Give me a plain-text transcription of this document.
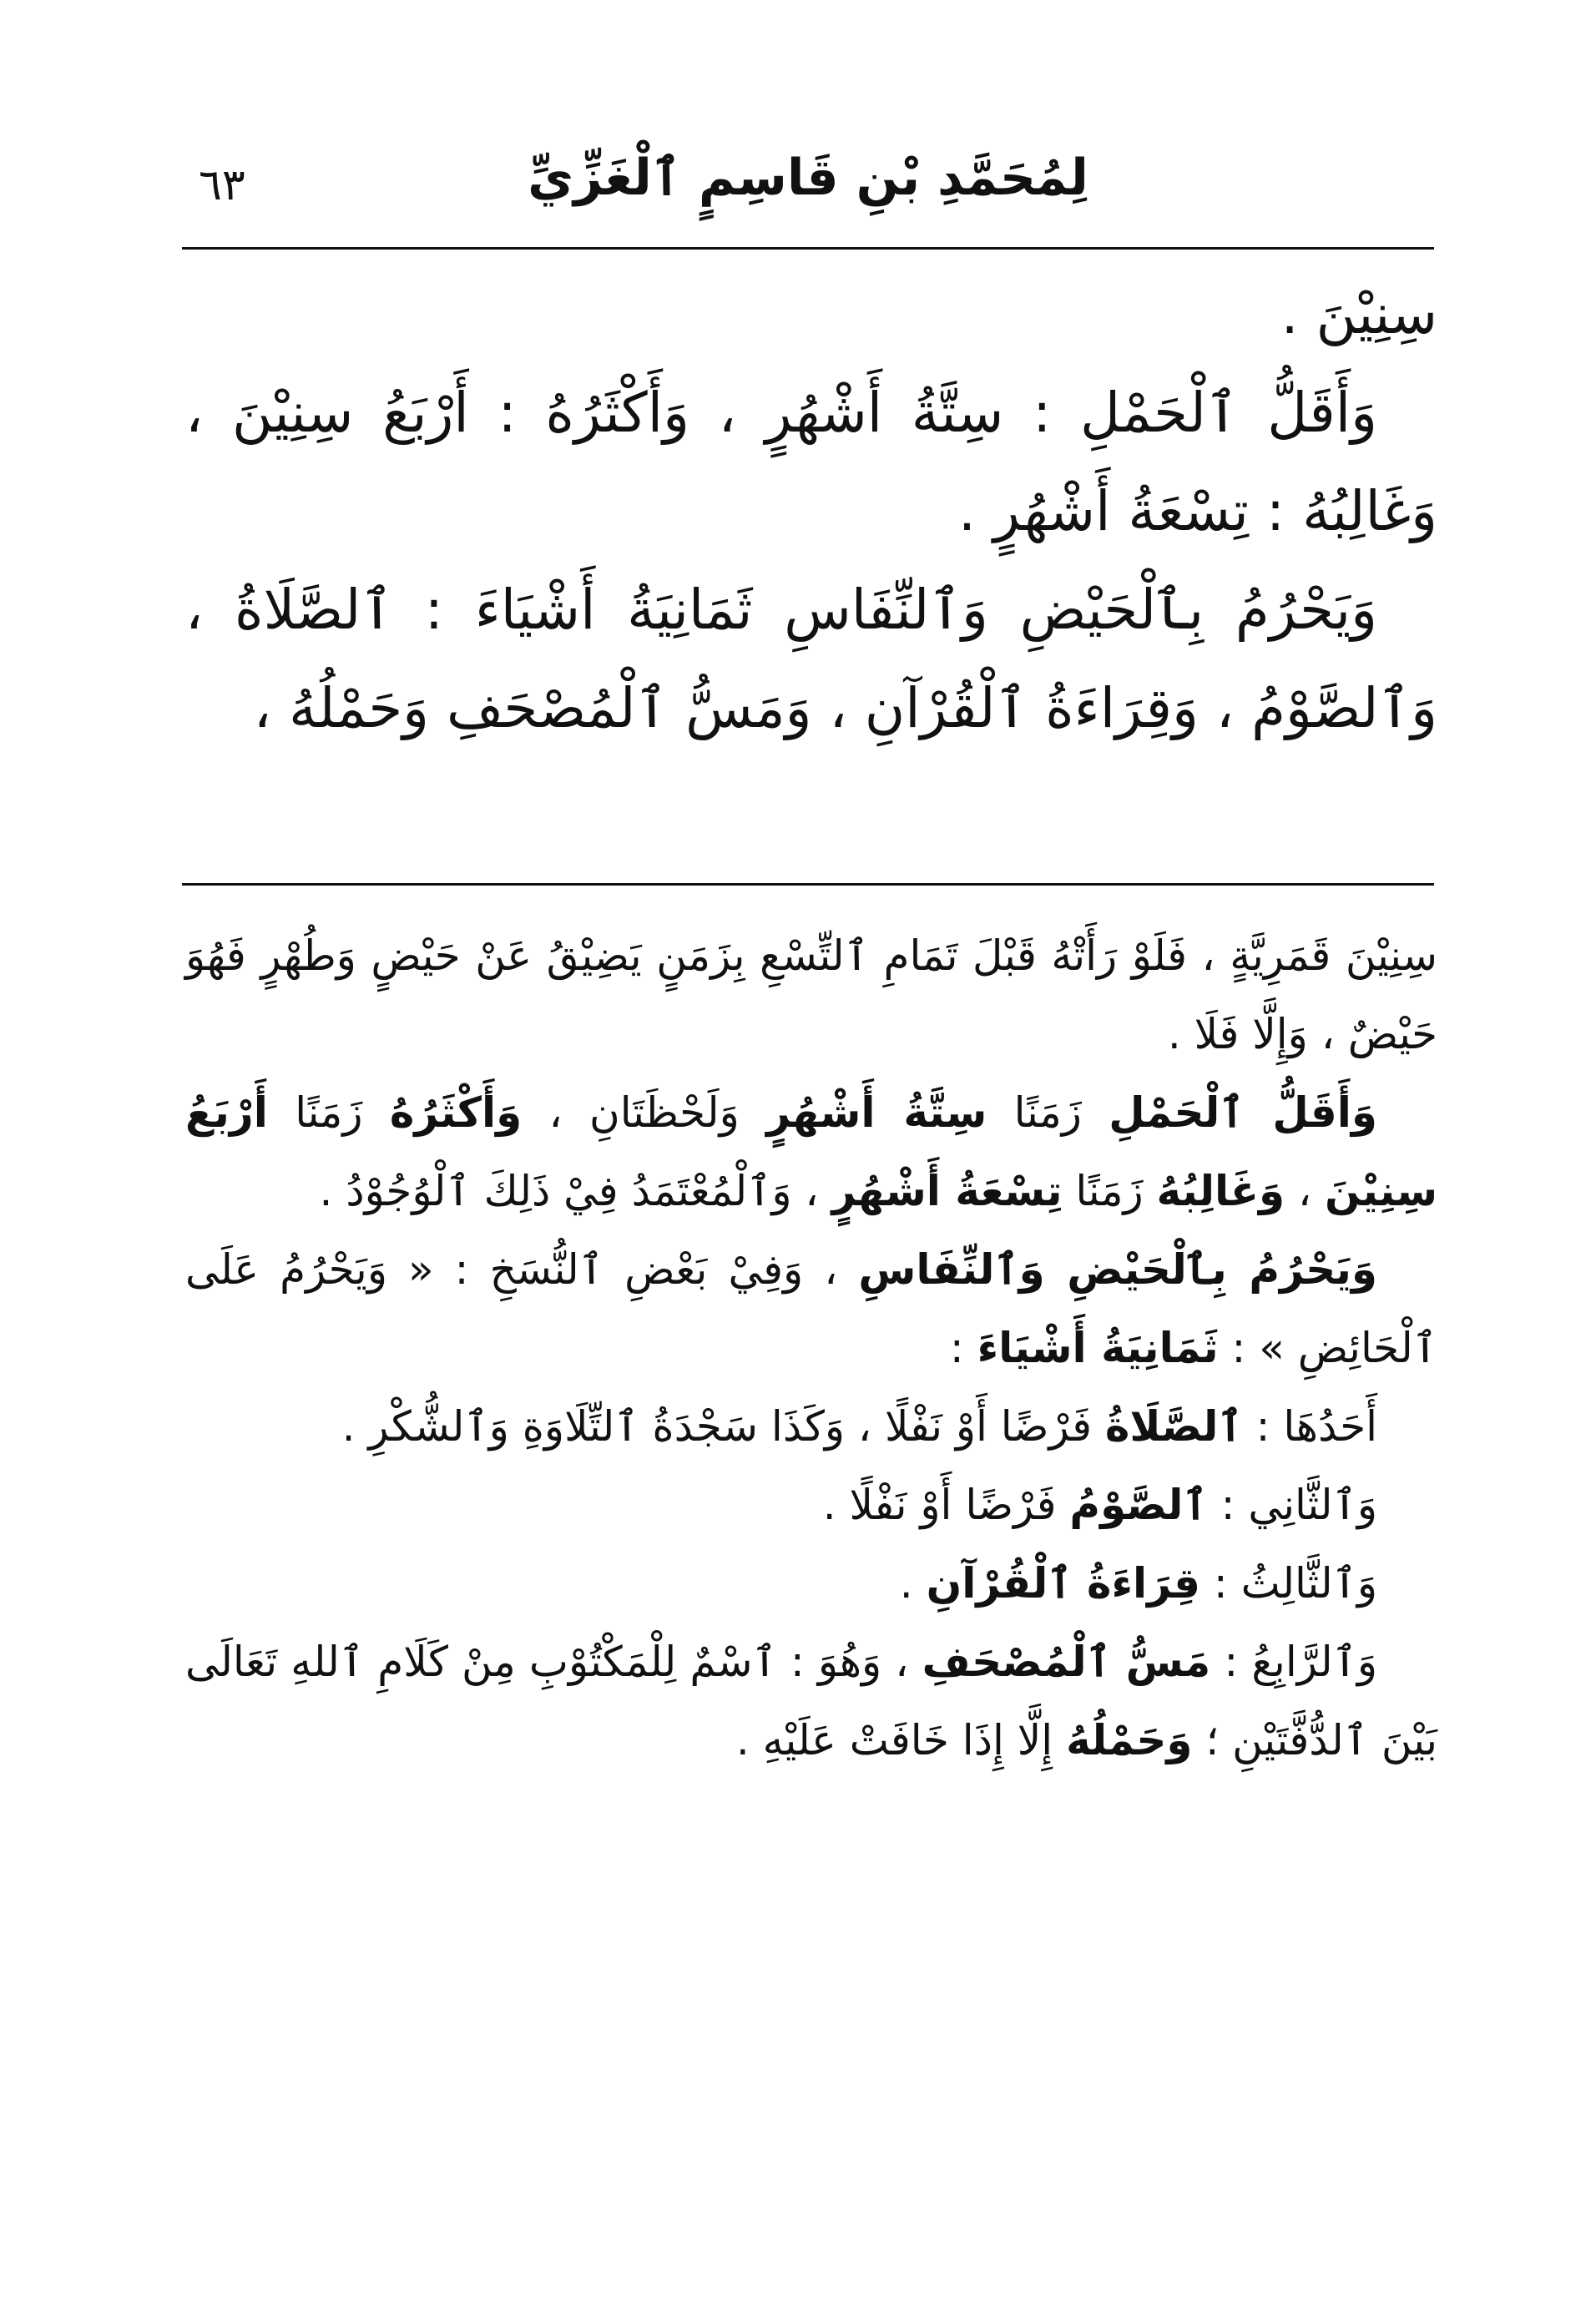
٦٣	لِمُحَمَّدِ بْنِ قَاسِمٍ ٱلْغَزِّيِّ

سِنِيْنَ .

وَأَقَلُّ ٱلْحَمْلِ : سِتَّةُ أَشْهُرٍ ، وَأَكْثَرُهُ : أَرْبَعُ سِنِيْنَ ، وَغَالِبُهُ : تِسْعَةُ أَشْهُرٍ .

وَيَحْرُمُ بِٱلْحَيْضِ وَٱلنِّفَاسِ ثَمَانِيَةُ أَشْيَاءَ : ٱلصَّلَاةُ ، وَٱلصَّوْمُ ، وَقِرَاءَةُ ٱلْقُرْآنِ ، وَمَسُّ ٱلْمُصْحَفِ وَحَمْلُهُ ،

سِنِيْنَ قَمَرِيَّةٍ ، فَلَوْ رَأَتْهُ قَبْلَ تَمَامِ ٱلتِّسْعِ بِزَمَنٍ يَضِيْقُ عَنْ حَيْضٍ وَطُهْرٍ فَهُوَ حَيْضٌ ، وَإِلَّا فَلَا .

وَأَقَلُّ ٱلْحَمْلِ زَمَنًا سِتَّةُ أَشْهُرٍ وَلَحْظَتَانِ ، وَأَكْثَرُهُ زَمَنًا أَرْبَعُ سِنِيْنَ ، وَغَالِبُهُ زَمَنًا تِسْعَةُ أَشْهُرٍ ، وَٱلْمُعْتَمَدُ فِيْ ذَلِكَ ٱلْوُجُوْدُ .

وَيَحْرُمُ بِٱلْحَيْضِ وَٱلنِّفَاسِ ، وَفِيْ بَعْضِ ٱلنُّسَخِ : « وَيَحْرُمُ عَلَى ٱلْحَائِضِ » : ثَمَانِيَةُ أَشْيَاءَ :

أَحَدُهَا : ٱلصَّلَاةُ فَرْضًا أَوْ نَفْلًا ، وَكَذَا سَجْدَةُ ٱلتِّلَاوَةِ وَٱلشُّكْرِ .

وَٱلثَّانِي : ٱلصَّوْمُ فَرْضًا أَوْ نَفْلًا .

وَٱلثَّالِثُ : قِرَاءَةُ ٱلْقُرْآنِ .

وَٱلرَّابِعُ : مَسُّ ٱلْمُصْحَفِ ، وَهُوَ : ٱسْمٌ لِلْمَكْتُوْبِ مِنْ كَلَامِ ٱللهِ تَعَالَى بَيْنَ ٱلدُّفَّتَيْنِ ؛ وَحَمْلُهُ إِلَّا إِذَا خَافَتْ عَلَيْهِ .
